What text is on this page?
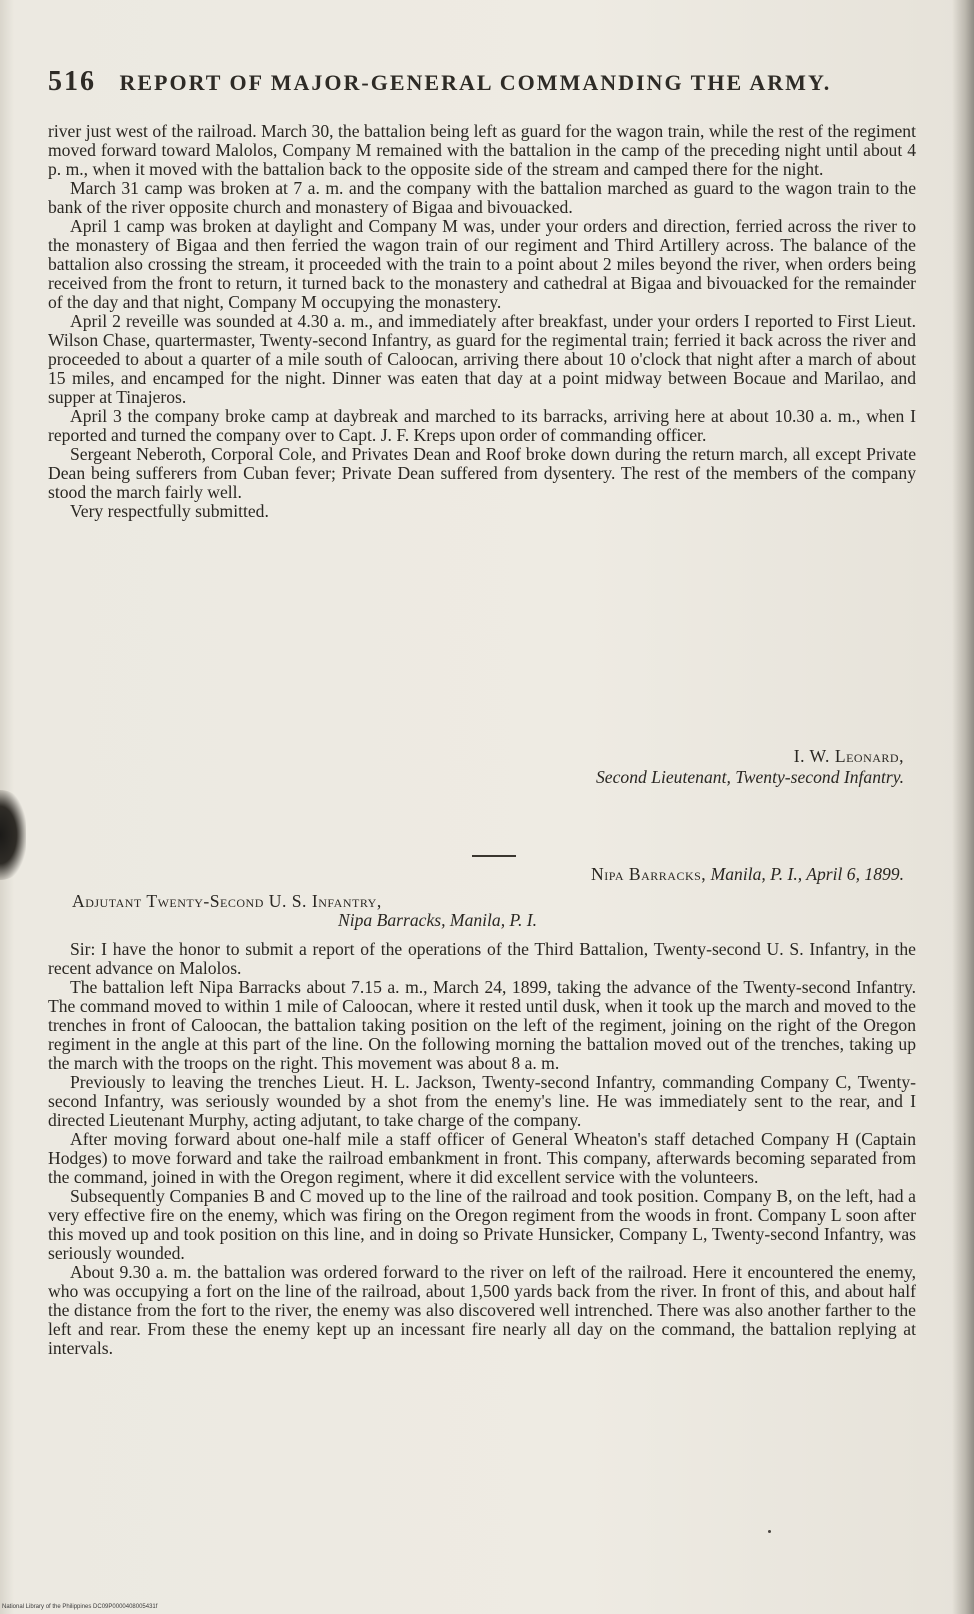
516 REPORT OF MAJOR-GENERAL COMMANDING THE ARMY.

river just west of the railroad. March 30, the battalion being left as guard for the wagon train, while the rest of the regiment moved forward toward Malolos, Company M remained with the battalion in the camp of the preceding night until about 4 p. m., when it moved with the battalion back to the opposite side of the stream and camped there for the night.

March 31 camp was broken at 7 a. m. and the company with the battalion marched as guard to the wagon train to the bank of the river opposite church and monastery of Bigaa and bivouacked.

April 1 camp was broken at daylight and Company M was, under your orders and direction, ferried across the river to the monastery of Bigaa and then ferried the wagon train of our regiment and Third Artillery across. The balance of the battalion also crossing the stream, it proceeded with the train to a point about 2 miles beyond the river, when orders being received from the front to return, it turned back to the monastery and cathedral at Bigaa and bivouacked for the remainder of the day and that night, Company M occupying the monastery.

April 2 reveille was sounded at 4.30 a. m., and immediately after breakfast, under your orders I reported to First Lieut. Wilson Chase, quartermaster, Twenty-second Infantry, as guard for the regimental train; ferried it back across the river and proceeded to about a quarter of a mile south of Caloocan, arriving there about 10 o'clock that night after a march of about 15 miles, and encamped for the night. Dinner was eaten that day at a point midway between Bocaue and Marilao, and supper at Tinajeros.

April 3 the company broke camp at daybreak and marched to its barracks, arriving here at about 10.30 a. m., when I reported and turned the company over to Capt. J. F. Kreps upon order of commanding officer.

Sergeant Neberoth, Corporal Cole, and Privates Dean and Roof broke down during the return march, all except Private Dean being sufferers from Cuban fever; Private Dean suffered from dysentery. The rest of the members of the company stood the march fairly well.

Very respectfully submitted.

I. W. Leonard,
Second Lieutenant, Twenty-second Infantry.
Nipa Barracks, Manila, P. I., April 6, 1899.
Adjutant Twenty-Second U. S. Infantry,
Nipa Barracks, Manila, P. I.

Sir: I have the honor to submit a report of the operations of the Third Battalion, Twenty-second U. S. Infantry, in the recent advance on Malolos.

The battalion left Nipa Barracks about 7.15 a. m., March 24, 1899, taking the advance of the Twenty-second Infantry. The command moved to within 1 mile of Caloocan, where it rested until dusk, when it took up the march and moved to the trenches in front of Caloocan, the battalion taking position on the left of the regiment, joining on the right of the Oregon regiment in the angle at this part of the line. On the following morning the battalion moved out of the trenches, taking up the march with the troops on the right. This movement was about 8 a. m.

Previously to leaving the trenches Lieut. H. L. Jackson, Twenty-second Infantry, commanding Company C, Twenty-second Infantry, was seriously wounded by a shot from the enemy's line. He was immediately sent to the rear, and I directed Lieutenant Murphy, acting adjutant, to take charge of the company.

After moving forward about one-half mile a staff officer of General Wheaton's staff detached Company H (Captain Hodges) to move forward and take the railroad embankment in front. This company, afterwards becoming separated from the command, joined in with the Oregon regiment, where it did excellent service with the volunteers.

Subsequently Companies B and C moved up to the line of the railroad and took position. Company B, on the left, had a very effective fire on the enemy, which was firing on the Oregon regiment from the woods in front. Company L soon after this moved up and took position on this line, and in doing so Private Hunsicker, Company L, Twenty-second Infantry, was seriously wounded.

About 9.30 a. m. the battalion was ordered forward to the river on left of the railroad. Here it encountered the enemy, who was occupying a fort on the line of the railroad, about 1,500 yards back from the river. In front of this, and about half the distance from the fort to the river, the enemy was also discovered well intrenched. There was also another farther to the left and rear. From these the enemy kept up an incessant fire nearly all day on the command, the battalion replying at intervals.

National Library of the Philippines DC09P0000408005431f
